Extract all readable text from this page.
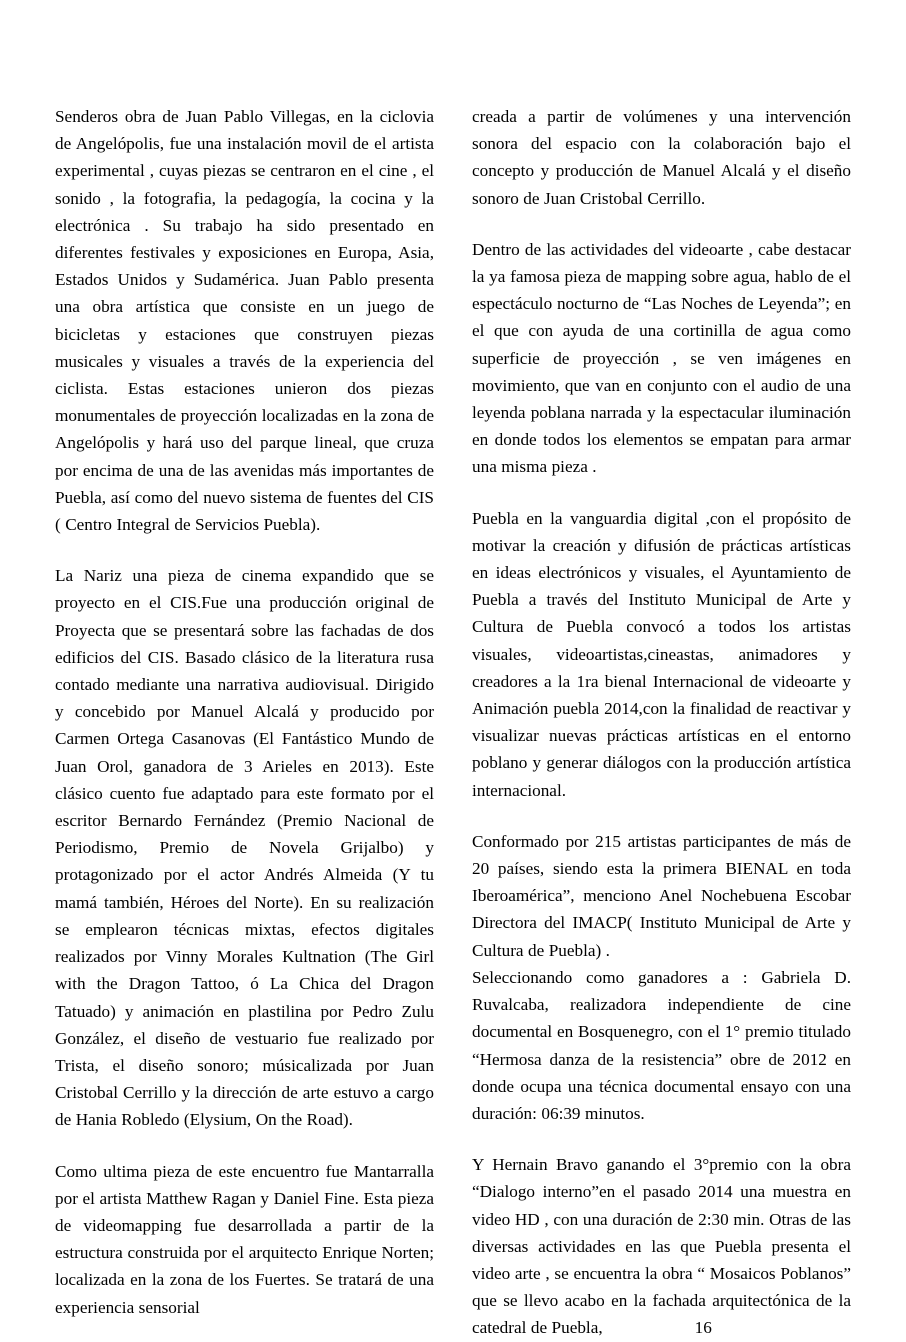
Senderos obra de Juan Pablo Villegas, en la ciclovia de Angelópolis, fue una instalación movil de el artista experimental , cuyas piezas se centraron en el cine , el sonido , la fotografia, la pedagogía, la cocina y la electrónica . Su trabajo ha sido presentado en diferentes festivales y exposiciones en Europa, Asia, Estados Unidos y Sudamérica. Juan Pablo presenta una obra artística que consiste en un juego de bicicletas y estaciones que construyen piezas musicales y visuales a través de la experiencia del ciclista. Estas estaciones unieron dos piezas monumentales de proyección localizadas en la zona de Angelópolis y hará uso del parque lineal, que cruza por encima de una de las avenidas más importantes de Puebla, así como del nuevo sistema de fuentes del CIS ( Centro Integral de Servicios Puebla).

La Nariz una pieza de cinema expandido que se proyecto en el CIS.Fue una producción original de Proyecta que se presentará sobre las fachadas de dos edificios del CIS. Basado clásico de la literatura rusa contado mediante una narrativa audiovisual. Dirigido y concebido por Manuel Alcalá y producido por Carmen Ortega Casanovas (El Fantástico Mundo de Juan Orol, ganadora de 3 Arieles en 2013). Este clásico cuento fue adaptado para este formato por el escritor Bernardo Fernández (Premio Nacional de Periodismo, Premio de Novela Grijalbo) y protagonizado por el actor Andrés Almeida (Y tu mamá también, Héroes del Norte). En su realización se emplearon técnicas mixtas, efectos digitales realizados por Vinny Morales Kultnation (The Girl with the Dragon Tattoo, ó La Chica del Dragon Tatuado) y animación en plastilina por Pedro Zulu González, el diseño de vestuario fue realizado por Trista, el diseño sonoro; músicalizada por Juan Cristobal Cerrillo y la dirección de arte estuvo a cargo de Hania Robledo (Elysium, On the Road).

Como ultima pieza de este encuentro fue Mantarralla por el artista Matthew Ragan y Daniel Fine. Esta pieza de videomapping fue desarrollada a partir de la estructura construida por el arquitecto Enrique Norten; localizada en la zona de los Fuertes. Se tratará de una experiencia sensorial

creada a partir de volúmenes y una intervención sonora del espacio con la colaboración bajo el concepto y producción de Manuel Alcalá y el diseño sonoro de Juan Cristobal Cerrillo.

Dentro de las actividades del videoarte , cabe destacar la ya famosa pieza de mapping sobre agua, hablo de el espectáculo nocturno de “Las Noches de Leyenda”; en el que con ayuda de una cortinilla de agua como superficie de proyección , se ven imágenes en movimiento, que van en conjunto con el audio de una leyenda poblana narrada y la espectacular iluminación en donde todos los elementos se empatan para armar una misma pieza .

Puebla en la vanguardia digital ,con el propósito de motivar la creación y difusión de prácticas artísticas en ideas electrónicos y visuales, el Ayuntamiento de Puebla a través del Instituto Municipal de Arte y Cultura de Puebla convocó a todos los artistas visuales, videoartistas,cineastas, animadores y creadores a la 1ra bienal Internacional de videoarte y Animación puebla 2014,con la finalidad de reactivar y visualizar nuevas prácticas artísticas en el entorno poblano y generar diálogos con la producción artística internacional.

Conformado por 215 artistas participantes de más de 20 países, siendo esta la primera BIENAL en toda Iberoamérica”, menciono Anel Nochebuena Escobar Directora del IMACP( Instituto Municipal de Arte y Cultura de Puebla) .

Seleccionando como ganadores a : Gabriela D. Ruvalcaba, realizadora independiente de cine documental en Bosquenegro, con el 1° premio titulado “Hermosa danza de la resistencia” obre de 2012 en donde ocupa una técnica documental ensayo con una duración: 06:39 minutos.

Y Hernain Bravo ganando el 3°premio con la obra “Dialogo interno”en el pasado 2014 una muestra en video HD , con una duración de 2:30 min. Otras de las diversas actividades en las que Puebla presenta el video arte , se encuentra la obra “ Mosaicos Poblanos” que se llevo acabo en la fachada arquitectónica de la catedral de Puebla,	16
